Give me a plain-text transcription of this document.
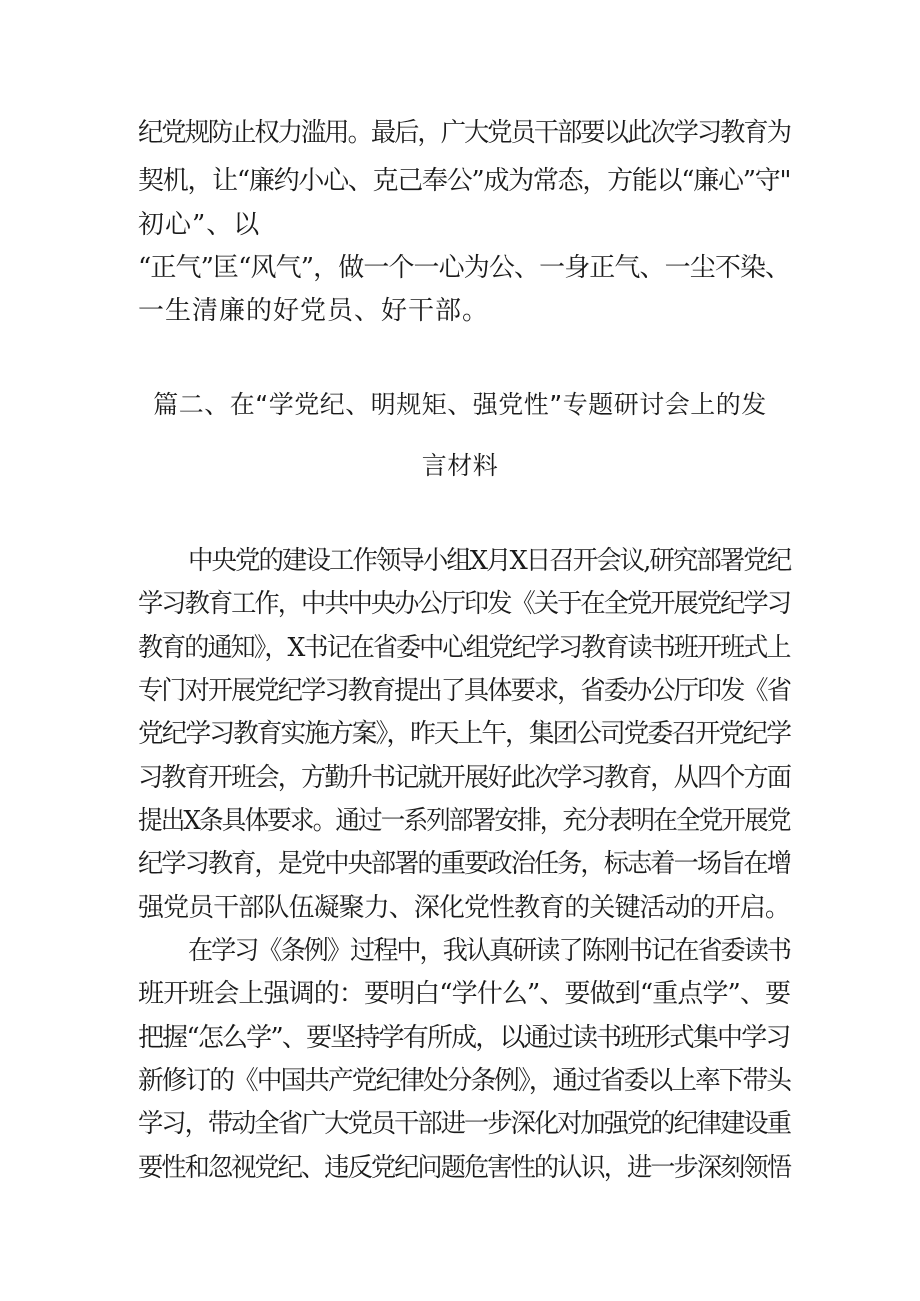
纪党规防止权力滥用。最后，广大党员干部要以此次学习教育为
契机，让“廉约小心、克己奉公”成为常态，方能以“廉心”守"
初心”、以
“正气”匡“风气”，做一个一心为公、一身正气、一尘不染、
一生清廉的好党员、好干部。
篇二、在“学党纪、明规矩、强党性”专题研讨会上的发
言材料
中央党的建设工作领导小组X月X日召开会议,研究部署党纪
学习教育工作，中共中央办公厅印发《关于在全党开展党纪学习
教育的通知》，X书记在省委中心组党纪学习教育读书班开班式上
专门对开展党纪学习教育提出了具体要求，省委办公厅印发《省
党纪学习教育实施方案》，昨天上午，集团公司党委召开党纪学
习教育开班会，方勤升书记就开展好此次学习教育，从四个方面
提出X条具体要求。通过一系列部署安排，充分表明在全党开展党
纪学习教育，是党中央部署的重要政治任务，标志着一场旨在增
强党员干部队伍凝聚力、深化党性教育的关键活动的开启。
在学习《条例》过程中，我认真研读了陈刚书记在省委读书
班开班会上强调的：要明白“学什么”、要做到“重点学”、要
把握“怎么学”、要坚持学有所成，以通过读书班形式集中学习
新修订的《中国共产党纪律处分条例》，通过省委以上率下带头
学习，带动全省广大党员干部进一步深化对加强党的纪律建设重
要性和忽视党纪、违反党纪问题危害性的认识，进一步深刻领悟
